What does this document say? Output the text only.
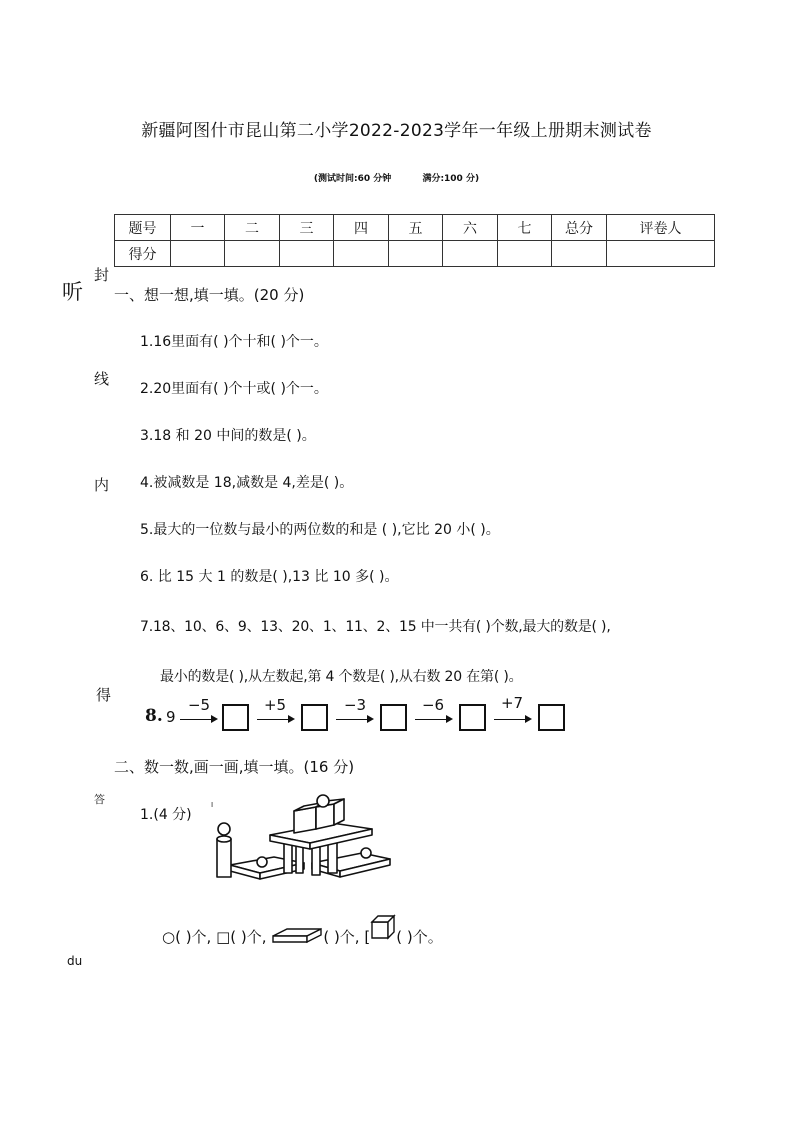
新疆阿图什市昆山第二小学2022-2023学年一年级上册期末测试卷
(测试时间:60 分钟	满分:100 分)
题号	一	二	三	四	五	六	七	总分	评卷人
得分									
听
封
线
内
得
答
du
一、想一想,填一填。(20 分)
1.16里面有( )个十和( )个一。
2.20里面有( )个十或( )个一。
3.18 和 20 中间的数是( )。
4.被减数是 18,减数是 4,差是( )。
5.最大的一位数与最小的两位数的和是 ( ),它比 20 小( )。
6. 比 15 大 1 的数是( ),13 比 10 多( )。
7.18、10、6、9、13、20、1、11、2、15 中一共有( )个数,最大的数是( ),
最小的数是( ),从左数起,第 4 个数是( ),从右数 20 在第( )。
8. 9
−5	+5	−3	−6	+7
二、数一数,画一画,填一填。(16 分)
1.(4 分) ˡ
○( )个, □( )个,	( )个, [ ( )个。
